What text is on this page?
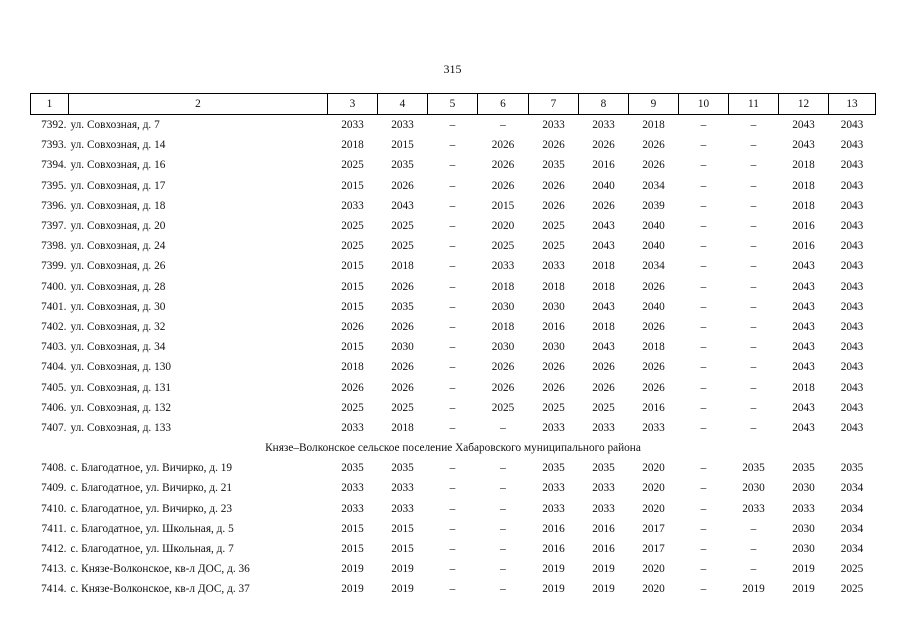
315
1	2	3	4	5	6	7	8	9	10	11	12	13
7392.	ул. Совхозная, д. 7	2033	2033	–	–	2033	2033	2018	–	–	2043	2043
7393.	ул. Совхозная, д. 14	2018	2015	–	2026	2026	2026	2026	–	–	2043	2043
7394.	ул. Совхозная, д. 16	2025	2035	–	2026	2035	2016	2026	–	–	2018	2043
7395.	ул. Совхозная, д. 17	2015	2026	–	2026	2026	2040	2034	–	–	2018	2043
7396.	ул. Совхозная, д. 18	2033	2043	–	2015	2026	2026	2039	–	–	2018	2043
7397.	ул. Совхозная, д. 20	2025	2025	–	2020	2025	2043	2040	–	–	2016	2043
7398.	ул. Совхозная, д. 24	2025	2025	–	2025	2025	2043	2040	–	–	2016	2043
7399.	ул. Совхозная, д. 26	2015	2018	–	2033	2033	2018	2034	–	–	2043	2043
7400.	ул. Совхозная, д. 28	2015	2026	–	2018	2018	2018	2026	–	–	2043	2043
7401.	ул. Совхозная, д. 30	2015	2035	–	2030	2030	2043	2040	–	–	2043	2043
7402.	ул. Совхозная, д. 32	2026	2026	–	2018	2016	2018	2026	–	–	2043	2043
7403.	ул. Совхозная, д. 34	2015	2030	–	2030	2030	2043	2018	–	–	2043	2043
7404.	ул. Совхозная, д. 130	2018	2026	–	2026	2026	2026	2026	–	–	2043	2043
7405.	ул. Совхозная, д. 131	2026	2026	–	2026	2026	2026	2026	–	–	2018	2043
7406.	ул. Совхозная, д. 132	2025	2025	–	2025	2025	2025	2016	–	–	2043	2043
7407.	ул. Совхозная, д. 133	2033	2018	–	–	2033	2033	2033	–	–	2043	2043
Князе–Волконское сельское поселение Хабаровского муниципального района												
7408.	с. Благодатное, ул. Вичирко, д. 19	2035	2035	–	–	2035	2035	2020	–	2035	2035	2035
7409.	с. Благодатное, ул. Вичирко, д. 21	2033	2033	–	–	2033	2033	2020	–	2030	2030	2034
7410.	с. Благодатное, ул. Вичирко, д. 23	2033	2033	–	–	2033	2033	2020	–	2033	2033	2034
7411.	с. Благодатное, ул. Школьная, д. 5	2015	2015	–	–	2016	2016	2017	–	–	2030	2034
7412.	с. Благодатное, ул. Школьная, д. 7	2015	2015	–	–	2016	2016	2017	–	–	2030	2034
7413.	с. Князе-Волконское, кв-л ДОС, д. 36	2019	2019	–	–	2019	2019	2020	–	–	2019	2025
7414.	с. Князе-Волконское, кв-л ДОС, д. 37	2019	2019	–	–	2019	2019	2020	–	2019	2019	2025
